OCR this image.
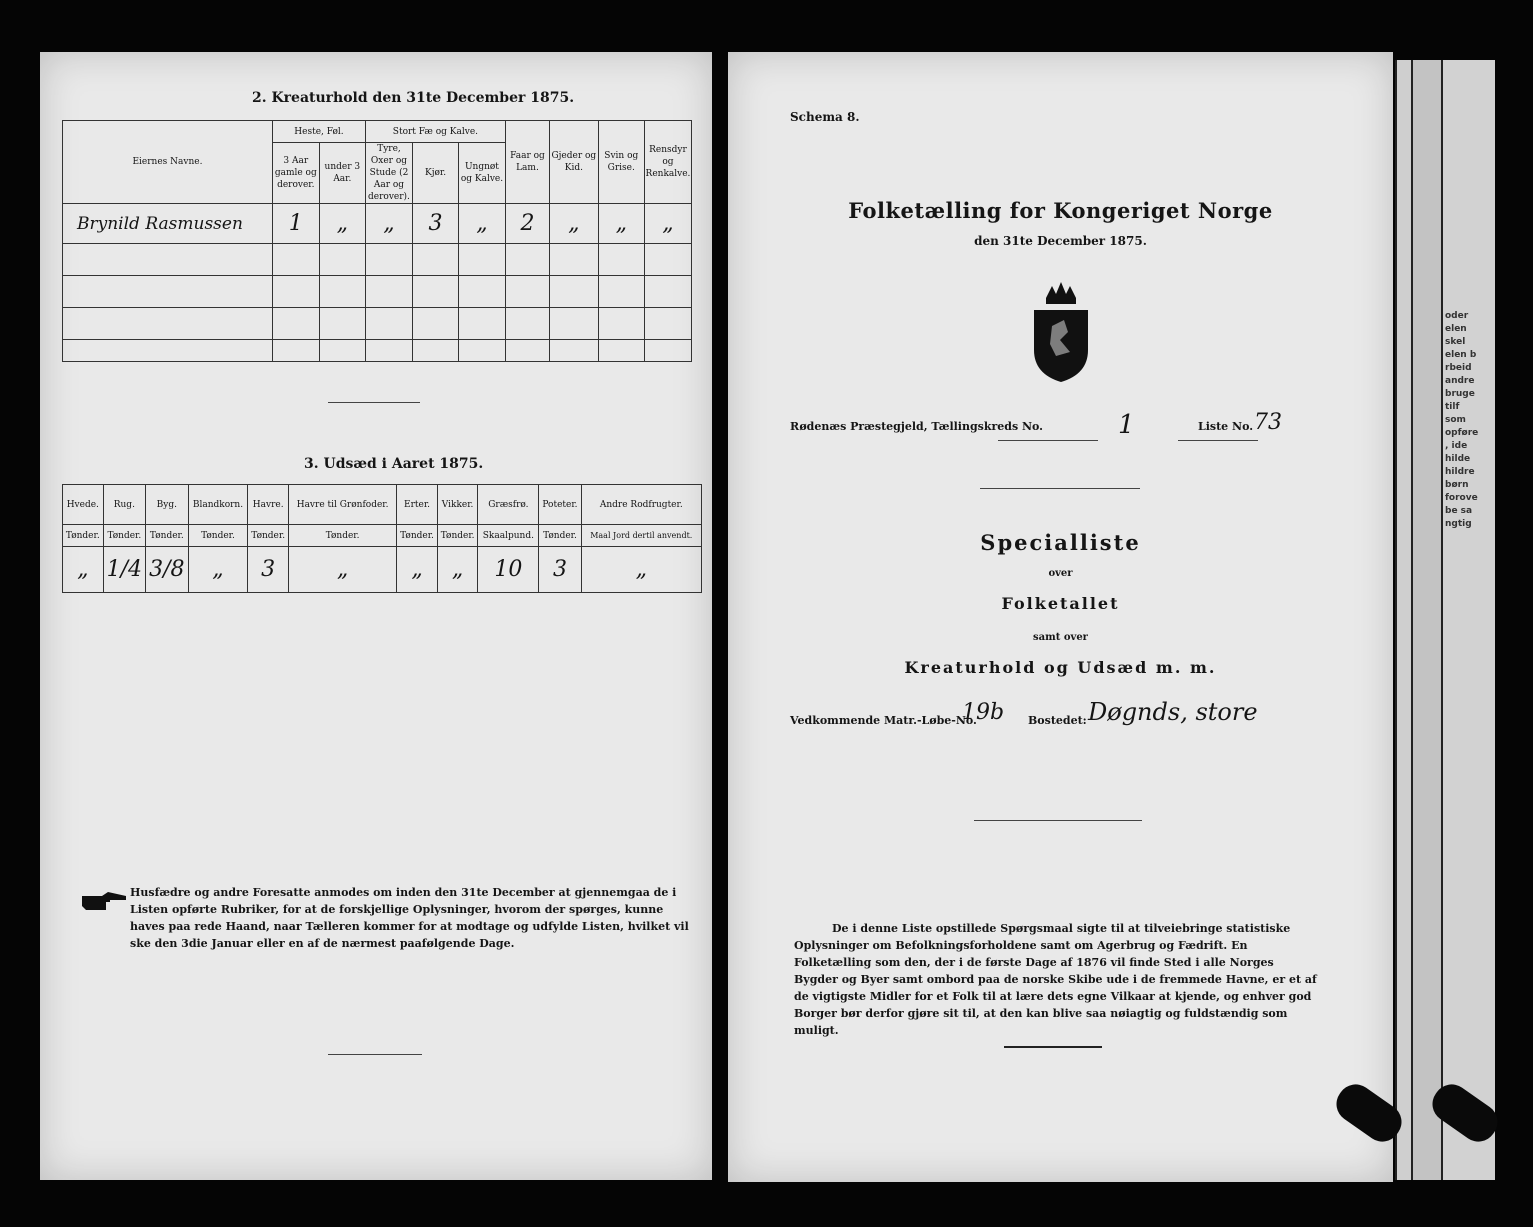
2. Kreaturhold den 31te December 1875.
Eiernes Navne.	Heste, Føl.		Stort Fæ og Kalve.			Faar og Lam.	Gjeder og Kid.	Svin og Grise.	Rensdyr og Renkalve.
	3 Aar gamle og derover.	under 3 Aar.	Tyre, Oxer og Stude (2 Aar og derover).	Kjør.	Ungnøt og Kalve.				
Brynild Rasmussen	1	„	„	3	„	2	„	„	„

3. Udsæd i Aaret 1875.
Hvede.	Rug.	Byg.	Blandkorn.	Havre.	Havre til Grønfoder.	Erter.	Vikker.	Græsfrø.	Poteter.	Andre Rodfrugter.
Tønder.	Tønder.	Tønder.	Tønder.	Tønder.	Tønder.	Tønder.	Tønder.	Skaalpund.	Tønder.	Maal Jord dertil anvendt.
„	1/4	3/8	„	3	„	„	„	10	3	„
Husfædre og andre Foresatte anmodes om inden den 31te December at gjennemgaa de i Listen opførte Rubriker, for at de forskjellige Oplysninger, hvorom der spørges, kunne haves paa rede Haand, naar Tælleren kommer for at modtage og udfylde Listen, hvilket vil ske den 3die Januar eller en af de nærmest paafølgende Dage.
Schema 8.
Folketælling for Kongeriget Norge
den 31te December 1875.
Rødenæs Præstegjeld, Tællingskreds No.	1	Liste No. 73
Specialliste
over
Folketallet
samt over
Kreaturhold og Udsæd m. m.
Vedkommende Matr.-Løbe-No.
19b Bostedet: Døgnds, store
De i denne Liste opstillede Spørgsmaal sigte til at tilveiebringe statistiske Oplysninger om Befolkningsforholdene samt om Agerbrug og Fædrift. En Folketælling som den, der i de første Dage af 1876 vil finde Sted i alle Norges Bygder og Byer samt ombord paa de norske Skibe ude i de fremmede Havne, er et af de vigtigste Midler for et Folk til at lære dets egne Vilkaar at kjende, og enhver god Borger bør derfor gjøre sit til, at den kan blive saa nøiagtig og fuldstændig som muligt.
oder
elen
skel
elen b
rbeid
andre
bruge
tilf
som
opføre
, ide
hilde
hildre
børn
forove
be sa
ngtig
